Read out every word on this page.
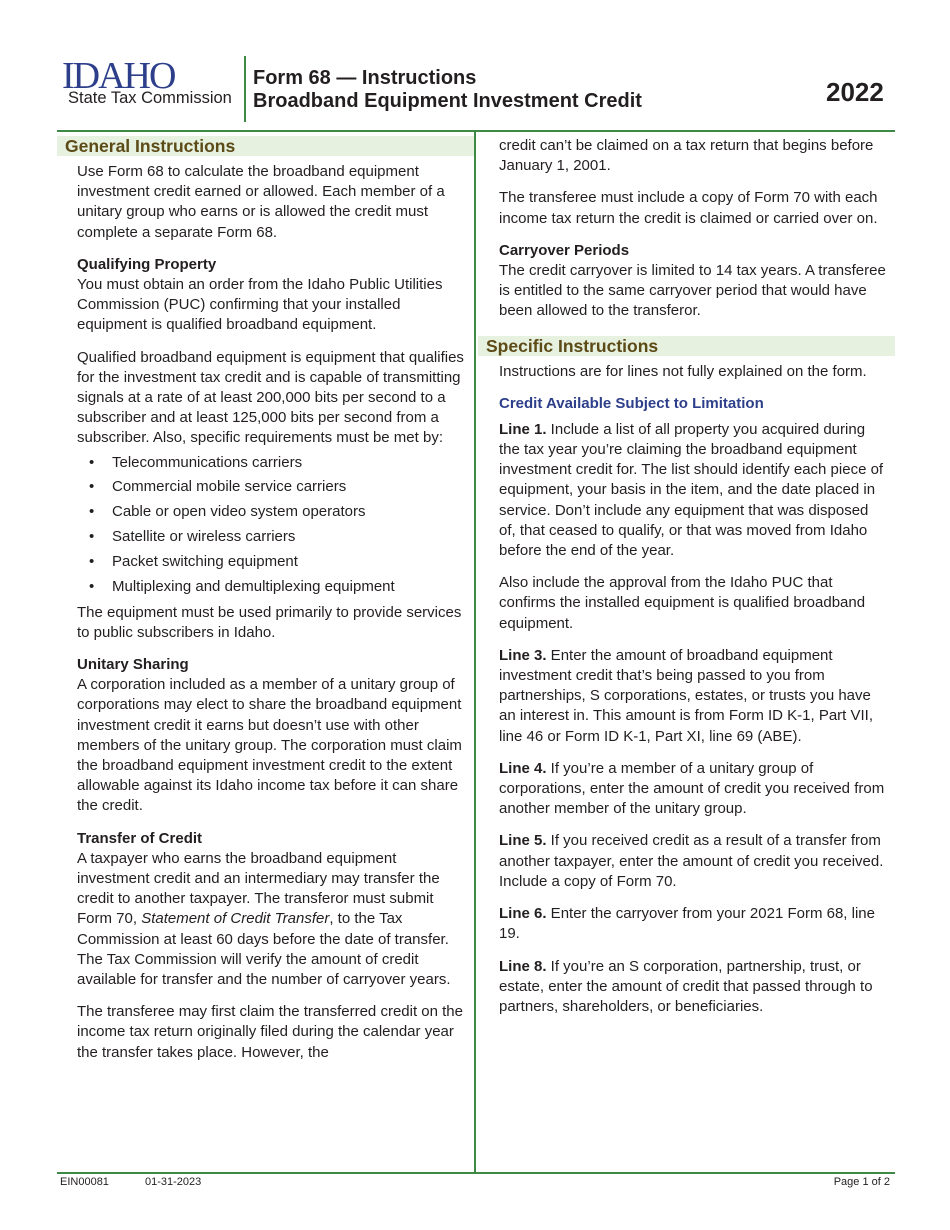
IDAHO
State Tax Commission
Form 68 — Instructions
Broadband Equipment Investment Credit	2022
General Instructions

Use Form 68 to calculate the broadband equipment investment credit earned or allowed. Each member of a unitary group who earns or is allowed the credit must complete a separate Form 68.

Qualifying Property
You must obtain an order from the Idaho Public Utilities Commission (PUC) confirming that your installed equipment is qualified broadband equipment.

Qualified broadband equipment is equipment that qualifies for the investment tax credit and is capable of transmitting signals at a rate of at least 200,000 bits per second to a subscriber and at least 125,000 bits per second from a subscriber. Also, specific requirements must be met by:

• Telecommunications carriers
• Commercial mobile service carriers
• Cable or open video system operators
• Satellite or wireless carriers
• Packet switching equipment
• Multiplexing and demultiplexing equipment

The equipment must be used primarily to provide services to public subscribers in Idaho.

Unitary Sharing
A corporation included as a member of a unitary group of corporations may elect to share the broadband equipment investment credit it earns but doesn’t use with other members of the unitary group. The corporation must claim the broadband equipment investment credit to the extent allowable against its Idaho income tax before it can share the credit.

Transfer of Credit
A taxpayer who earns the broadband equipment investment credit and an intermediary may transfer the credit to another taxpayer. The transferor must submit Form 70, Statement of Credit Transfer, to the Tax Commission at least 60 days before the date of transfer. The Tax Commission will verify the amount of credit available for transfer and the number of carryover years.

The transferee may first claim the transferred credit on the income tax return originally filed during the calendar year the transfer takes place. However, the

credit can’t be claimed on a tax return that begins before January 1, 2001.

The transferee must include a copy of Form 70 with each income tax return the credit is claimed or carried over on.

Carryover Periods
The credit carryover is limited to 14 tax years. A transferee is entitled to the same carryover period that would have been allowed to the transferor.

Specific Instructions

Instructions are for lines not fully explained on the form.

Credit Available Subject to Limitation

Line 1. Include a list of all property you acquired during the tax year you’re claiming the broadband equipment investment credit for. The list should identify each piece of equipment, your basis in the item, and the date placed in service. Don’t include any equipment that was disposed of, that ceased to qualify, or that was moved from Idaho before the end of the year.

Also include the approval from the Idaho PUC that confirms the installed equipment is qualified broadband equipment.

Line 3. Enter the amount of broadband equipment investment credit that’s being passed to you from partnerships, S corporations, estates, or trusts you have an interest in. This amount is from Form ID K-1, Part VII, line 46 or Form ID K-1, Part XI, line 69 (ABE).

Line 4. If you’re a member of a unitary group of corporations, enter the amount of credit you received from another member of the unitary group.

Line 5. If you received credit as a result of a transfer from another taxpayer, enter the amount of credit you received. Include a copy of Form 70.

Line 6. Enter the carryover from your 2021 Form 68, line 19.

Line 8. If you’re an S corporation, partnership, trust, or estate, enter the amount of credit that passed through to partners, shareholders, or beneficiaries.

EIN00081	01-31-2023	Page 1 of 2
